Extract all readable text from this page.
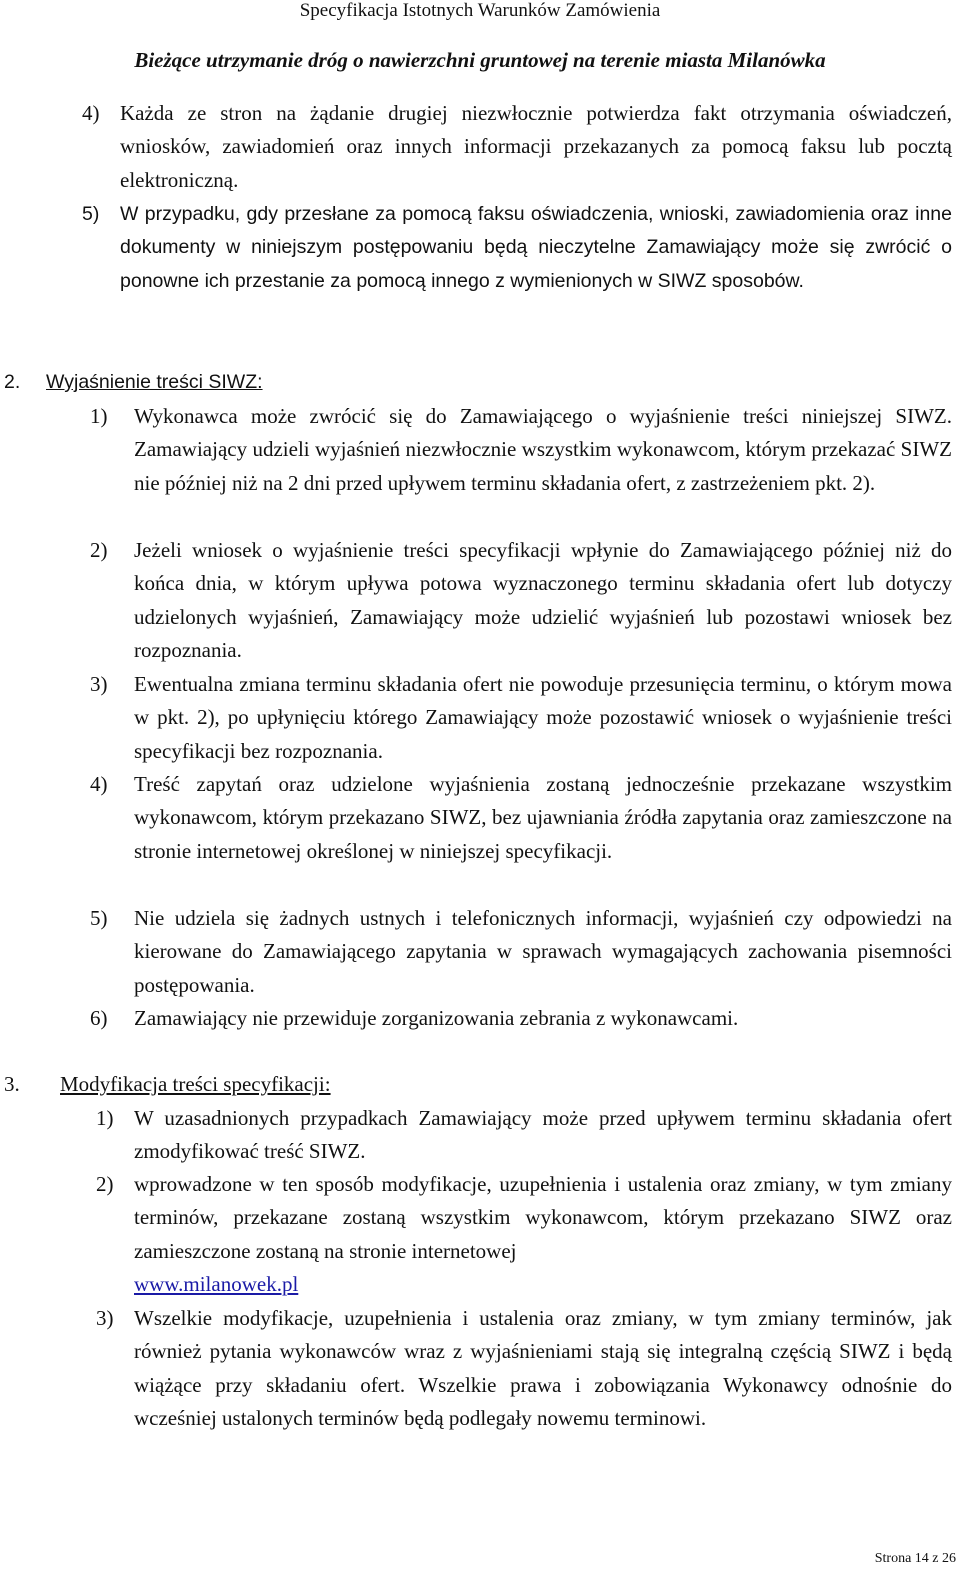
Specyfikacja Istotnych Warunków Zamówienia
Bieżące utrzymanie dróg o nawierzchni gruntowej na terenie miasta Milanówka
4) Każda ze stron na żądanie drugiej niezwłocznie potwierdza fakt otrzymania oświadczeń, wniosków, zawiadomień oraz innych informacji przekazanych za pomocą faksu lub pocztą elektroniczną.
5) W przypadku, gdy przesłane za pomocą faksu oświadczenia, wnioski, zawiadomienia oraz inne dokumenty w niniejszym postępowaniu będą nieczytelne Zamawiający może się zwrócić o ponowne ich przestanie za pomocą innego z wymienionych w SIWZ sposobów.
2. Wyjaśnienie treści SIWZ:
1) Wykonawca może zwrócić się do Zamawiającego o wyjaśnienie treści niniejszej SIWZ. Zamawiający udzieli wyjaśnień niezwłocznie wszystkim wykonawcom, którym przekazać SIWZ nie później niż na 2 dni przed upływem terminu składania ofert, z zastrzeżeniem pkt. 2).
2) Jeżeli wniosek o wyjaśnienie treści specyfikacji wpłynie do Zamawiającego później niż do końca dnia, w którym upływa potowa wyznaczonego terminu składania ofert lub dotyczy udzielonych wyjaśnień, Zamawiający może udzielić wyjaśnień lub pozostawi wniosek bez rozpoznania.
3) Ewentualna zmiana terminu składania ofert nie powoduje przesunięcia terminu, o którym mowa w pkt. 2), po upłynięciu którego Zamawiający może pozostawić wniosek o wyjaśnienie treści specyfikacji bez rozpoznania.
4) Treść zapytań oraz udzielone wyjaśnienia zostaną jednocześnie przekazane wszystkim wykonawcom, którym przekazano SIWZ, bez ujawniania źródła zapytania oraz zamieszczone na stronie internetowej określonej w niniejszej specyfikacji.
5) Nie udziela się żadnych ustnych i telefonicznych informacji, wyjaśnień czy odpowiedzi na kierowane do Zamawiającego zapytania w sprawach wymagających zachowania pisemności postępowania.
6) Zamawiający nie przewiduje zorganizowania zebrania z wykonawcami.
3. Modyfikacja treści specyfikacji:
1) W uzasadnionych przypadkach Zamawiający może przed upływem terminu składania ofert zmodyfikować treść SIWZ.
2) wprowadzone w ten sposób modyfikacje, uzupełnienia i ustalenia oraz zmiany, w tym zmiany terminów, przekazane zostaną wszystkim wykonawcom, którym przekazano SIWZ oraz zamieszczone zostaną na stronie internetowej
www.milanowek.pl
3) Wszelkie modyfikacje, uzupełnienia i ustalenia oraz zmiany, w tym zmiany terminów, jak również pytania wykonawców wraz z wyjaśnieniami stają się integralną częścią SIWZ i będą wiążące przy składaniu ofert. Wszelkie prawa i zobowiązania Wykonawcy odnośnie do wcześniej ustalonych terminów będą podlegały nowemu terminowi.
Strona 14 z 26
